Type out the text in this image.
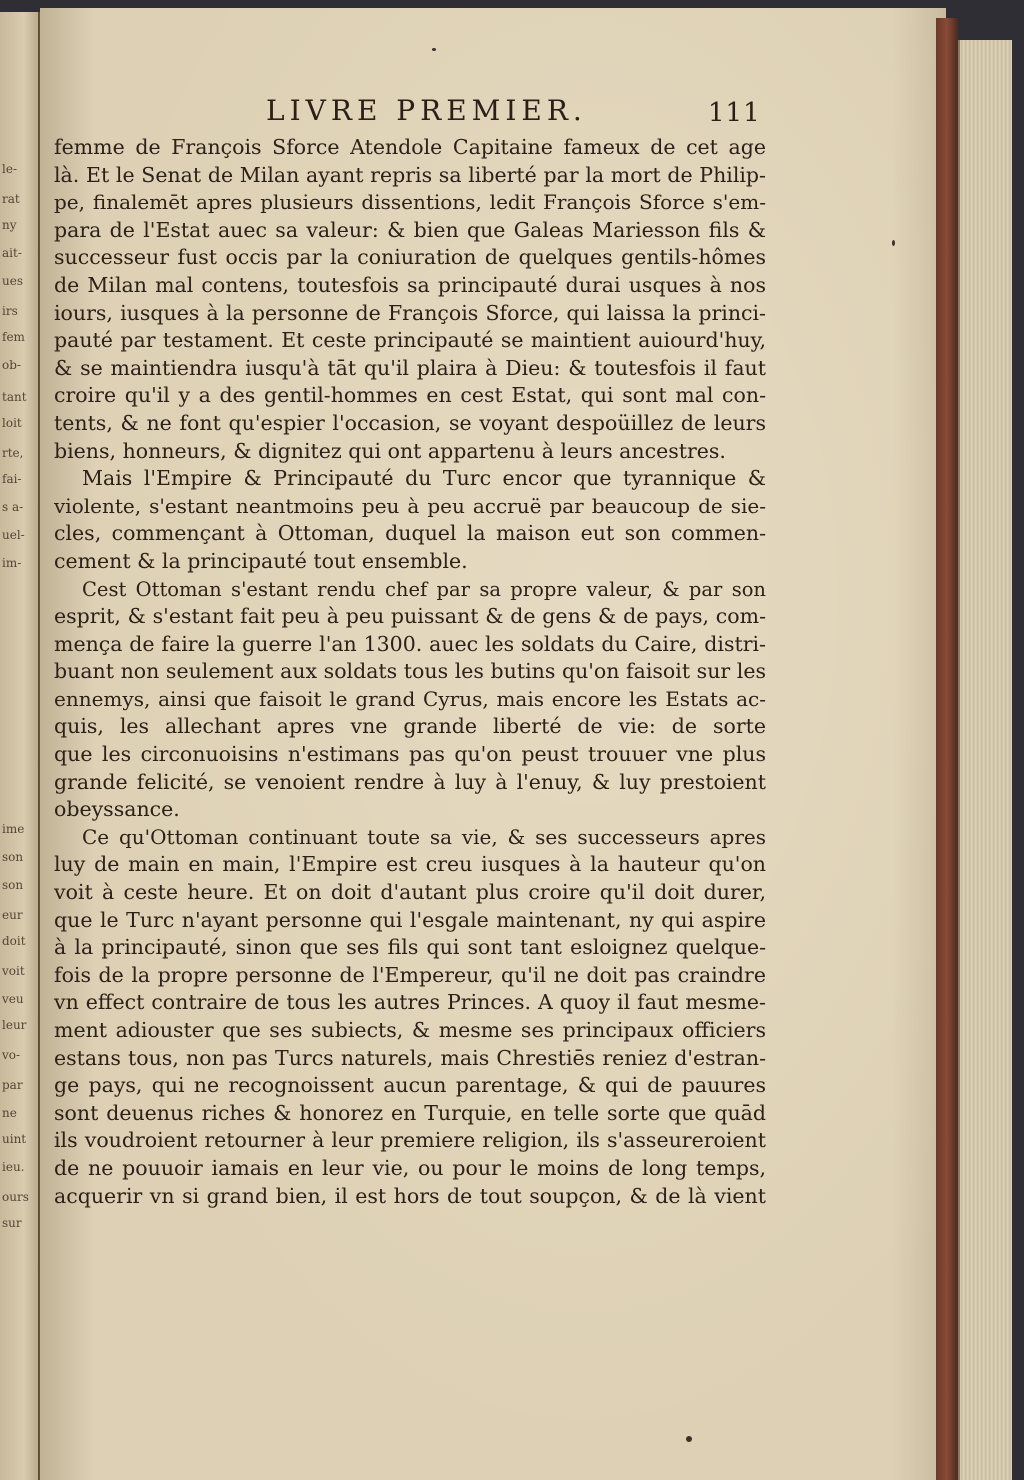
le-
rat
ny
ait-
ues
irs
fem
ob-
tant
loit
rte,
fai-
s a-
uel-
im-
ime
son
son
eur
doit
voit
veu
leur
vo-
par
ne
uint
ieu.
ours
sur
LIVRE PREMIER.	111
femme de François Sforce Atendole Capitaine fameux de cet age
là. Et le Senat de Milan ayant repris sa liberté par la mort de Philip-
pe, finalemēt apres plusieurs dissentions, ledit François Sforce s'em-
para de l'Estat auec sa valeur: & bien que Galeas Mariesson fils &
successeur fust occis par la coniuration de quelques gentils-hômes
de Milan mal contens, toutesfois sa principauté durai usques à nos
iours, iusques à la personne de François Sforce, qui laissa la princi-
pauté par testament. Et ceste principauté se maintient auiourd'huy,
& se maintiendra iusqu'à tāt qu'il plaira à Dieu: & toutesfois il faut
croire qu'il y a des gentil-hommes en cest Estat, qui sont mal con-
tents, & ne font qu'espier l'occasion, se voyant despoüillez de leurs
biens, honneurs, & dignitez qui ont appartenu à leurs ancestres.
Mais l'Empire & Principauté du Turc encor que tyrannique &
violente, s'estant neantmoins peu à peu accruë par beaucoup de sie-
cles, commençant à Ottoman, duquel la maison eut son commen-
cement & la principauté tout ensemble.
Cest Ottoman s'estant rendu chef par sa propre valeur, & par son
esprit, & s'estant fait peu à peu puissant & de gens & de pays, com-
mença de faire la guerre l'an 1300. auec les soldats du Caire, distri-
buant non seulement aux soldats tous les butins qu'on faisoit sur les
ennemys, ainsi que faisoit le grand Cyrus, mais encore les Estats ac-
quis, les allechant apres vne grande liberté de vie: de sorte
que les circonuoisins n'estimans pas qu'on peust trouuer vne plus
grande felicité, se venoient rendre à luy à l'enuy, & luy prestoient
obeyssance.
Ce qu'Ottoman continuant toute sa vie, & ses successeurs apres
luy de main en main, l'Empire est creu iusques à la hauteur qu'on
voit à ceste heure. Et on doit d'autant plus croire qu'il doit durer,
que le Turc n'ayant personne qui l'esgale maintenant, ny qui aspire
à la principauté, sinon que ses fils qui sont tant esloignez quelque-
fois de la propre personne de l'Empereur, qu'il ne doit pas craindre
vn effect contraire de tous les autres Princes. A quoy il faut mesme-
ment adiouster que ses subiects, & mesme ses principaux officiers
estans tous, non pas Turcs naturels, mais Chrestiēs reniez d'estran-
ge pays, qui ne recognoissent aucun parentage, & qui de pauures
sont deuenus riches & honorez en Turquie, en telle sorte que quād
ils voudroient retourner à leur premiere religion, ils s'asseureroient
de ne pouuoir iamais en leur vie, ou pour le moins de long temps,
acquerir vn si grand bien, il est hors de tout soupçon, & de là vient
